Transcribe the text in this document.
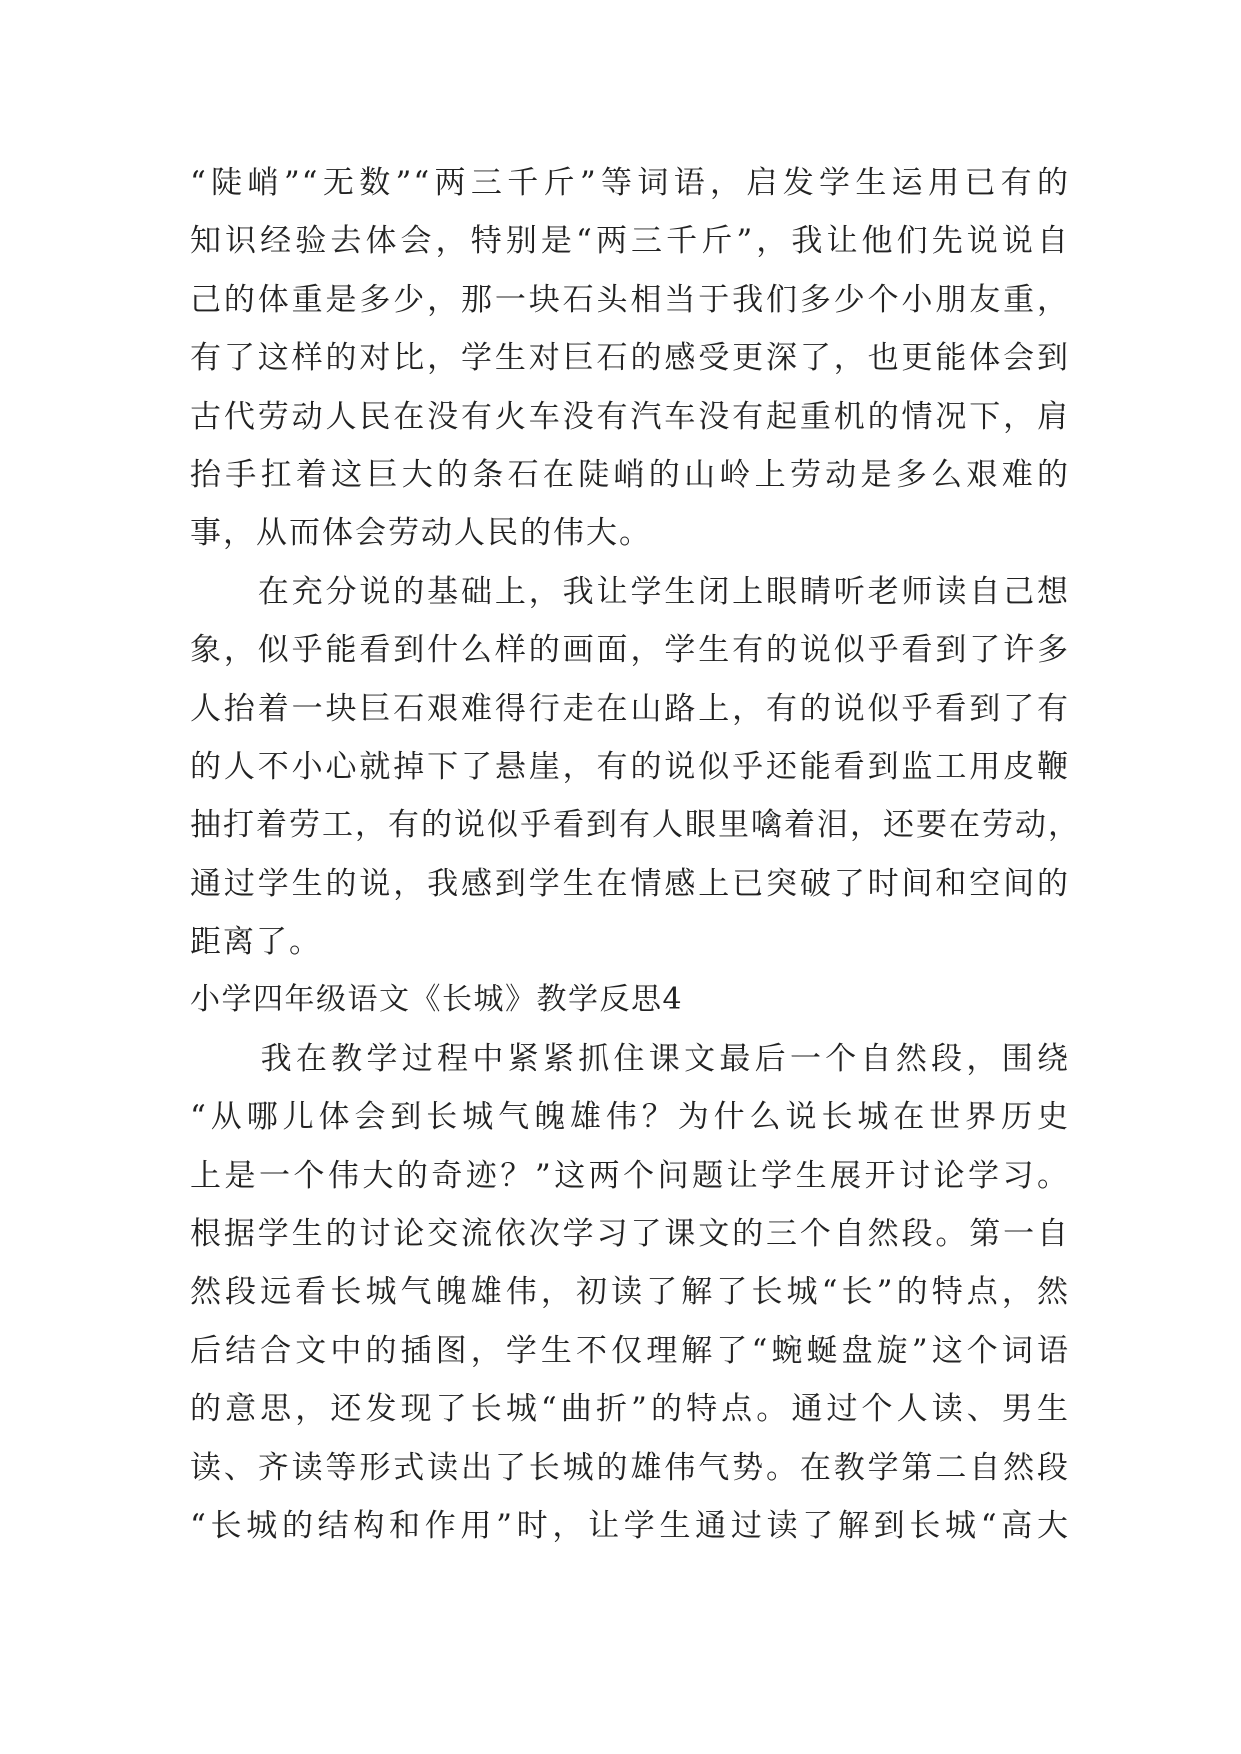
“陡峭”“无数”“两三千斤”等词语，启发学生运用已有的
知识经验去体会，特别是“两三千斤”，我让他们先说说自
己的体重是多少，那一块石头相当于我们多少个小朋友重，
有了这样的对比，学生对巨石的感受更深了，也更能体会到
古代劳动人民在没有火车没有汽车没有起重机的情况下，肩
抬手扛着这巨大的条石在陡峭的山岭上劳动是多么艰难的
事，从而体会劳动人民的伟大。
　　在充分说的基础上，我让学生闭上眼睛听老师读自己想
象，似乎能看到什么样的画面，学生有的说似乎看到了许多
人抬着一块巨石艰难得行走在山路上，有的说似乎看到了有
的人不小心就掉下了悬崖，有的说似乎还能看到监工用皮鞭
抽打着劳工，有的说似乎看到有人眼里噙着泪，还要在劳动，
通过学生的说，我感到学生在情感上已突破了时间和空间的
距离了。
小学四年级语文《长城》教学反思4
　　我在教学过程中紧紧抓住课文最后一个自然段，围绕
“从哪儿体会到长城气魄雄伟？为什么说长城在世界历史
上是一个伟大的奇迹？”这两个问题让学生展开讨论学习。
根据学生的讨论交流依次学习了课文的三个自然段。第一自
然段远看长城气魄雄伟，初读了解了长城“长”的特点，然
后结合文中的插图，学生不仅理解了“蜿蜒盘旋”这个词语
的意思，还发现了长城“曲折”的特点。通过个人读、男生
读、齐读等形式读出了长城的雄伟气势。在教学第二自然段
“长城的结构和作用”时，让学生通过读了解到长城“高大
